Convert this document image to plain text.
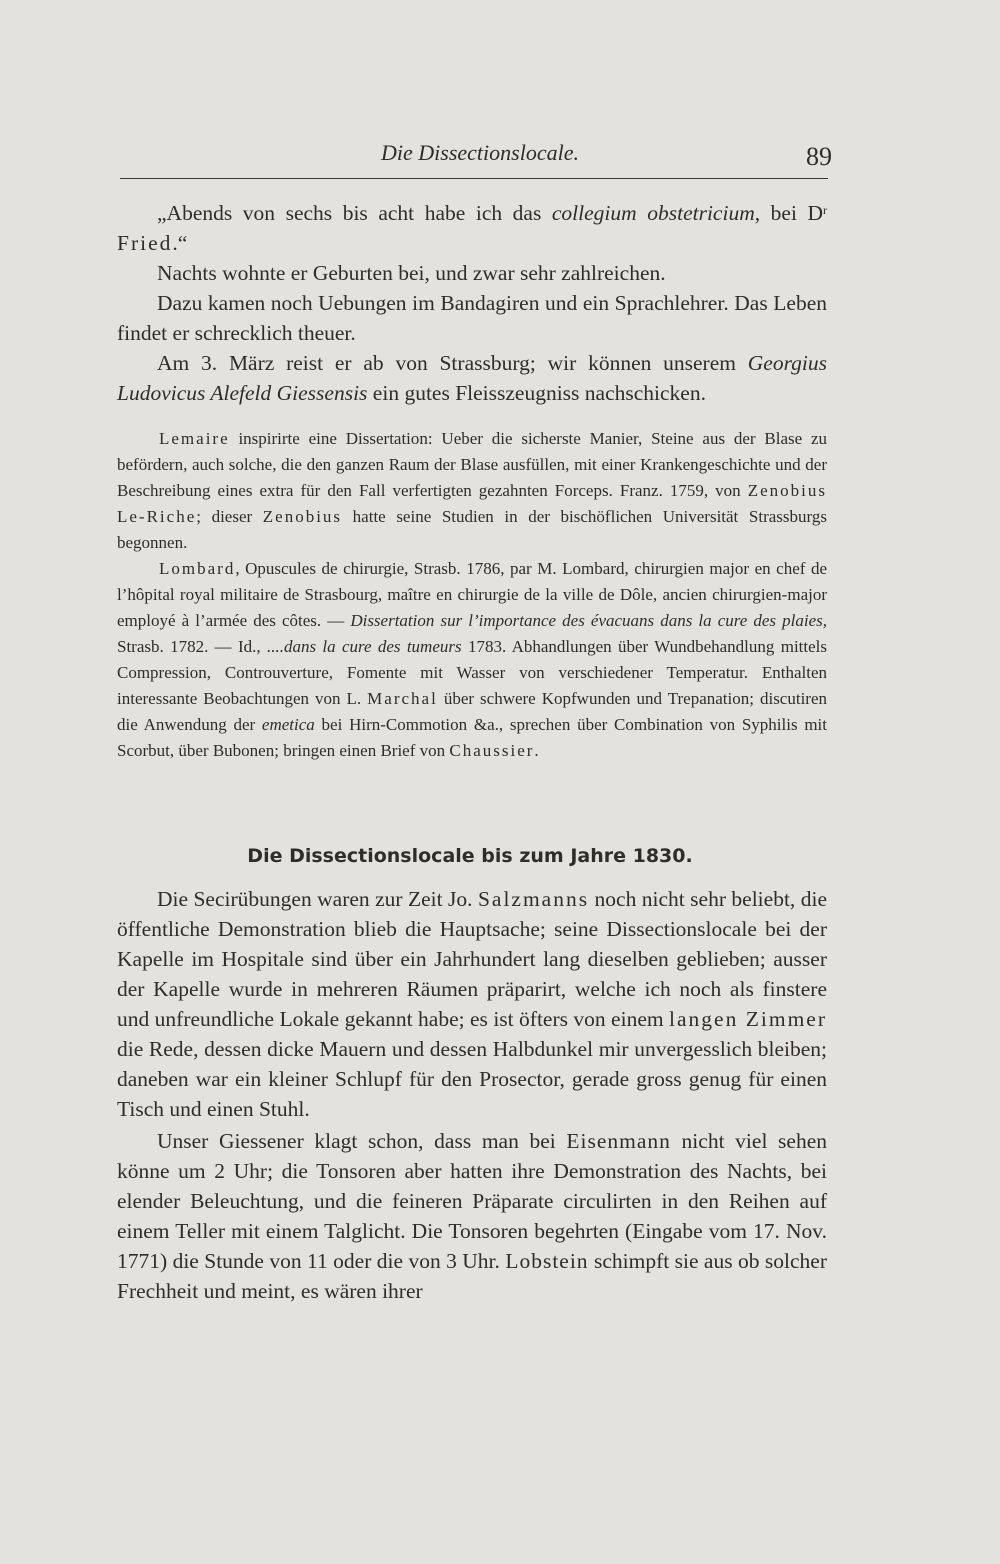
Die Dissectionslocale.	89

„Abends von sechs bis acht habe ich das collegium obstetricium, bei $D^r$ Fried.“

Nachts wohnte er Geburten bei, und zwar sehr zahlreichen.

Dazu kamen noch Uebungen im Bandagiren und ein Sprachlehrer. Das Leben findet er schrecklich theuer.

Am 3. März reist er ab von Strassburg; wir können unserem Georgius Ludovicus Alefeld Giessensis ein gutes Fleisszeugniss nachschicken.

Lemaire inspirirte eine Dissertation: Ueber die sicherste Manier, Steine aus der Blase zu befördern, auch solche, die den ganzen Raum der Blase ausfüllen, mit einer Krankengeschichte und der Beschreibung eines extra für den Fall verfertigten gezahnten Forceps. Franz. 1759, von Zenobius Le-Riche; dieser Zenobius hatte seine Studien in der bischöflichen Universität Strassburgs begonnen.

Lombard, Opuscules de chirurgie, Strasb. 1786, par M. Lombard, chirurgien major en chef de l’hôpital royal militaire de Strasbourg, maître en chirurgie de la ville de Dôle, ancien chirurgien-major employé à l’armée des côtes. — Dissertation sur l’importance des évacuans dans la cure des plaies, Strasb. 1782. — Id., ....dans la cure des tumeurs 1783. Abhandlungen über Wundbehandlung mittels Compression, Controuverture, Fomente mit Wasser von verschiedener Temperatur. Enthalten interessante Beobachtungen von L. Marchal über schwere Kopfwunden und Trepanation; discutiren die Anwendung der emetica bei Hirn-Commotion &a., sprechen über Combination von Syphilis mit Scorbut, über Bubonen; bringen einen Brief von Chaussier.

Die Dissectionslocale bis zum Jahre 1830.

Die Secirübungen waren zur Zeit Jo. Salzmanns noch nicht sehr beliebt, die öffentliche Demonstration blieb die Hauptsache; seine Dissectionslocale bei der Kapelle im Hospitale sind über ein Jahrhundert lang dieselben geblieben; ausser der Kapelle wurde in mehreren Räumen präparirt, welche ich noch als finstere und unfreundliche Lokale gekannt habe; es ist öfters von einem langen Zimmer die Rede, dessen dicke Mauern und dessen Halbdunkel mir unvergesslich bleiben; daneben war ein kleiner Schlupf für den Prosector, gerade gross genug für einen Tisch und einen Stuhl.

Unser Giessener klagt schon, dass man bei Eisenmann nicht viel sehen könne um 2 Uhr; die Tonsoren aber hatten ihre Demonstration des Nachts, bei elender Beleuchtung, und die feineren Präparate circulirten in den Reihen auf einem Teller mit einem Talglicht. Die Tonsoren begehrten (Eingabe vom 17. Nov. 1771) die Stunde von 11 oder die von 3 Uhr. Lobstein schimpft sie aus ob solcher Frechheit und meint, es wären ihrer
